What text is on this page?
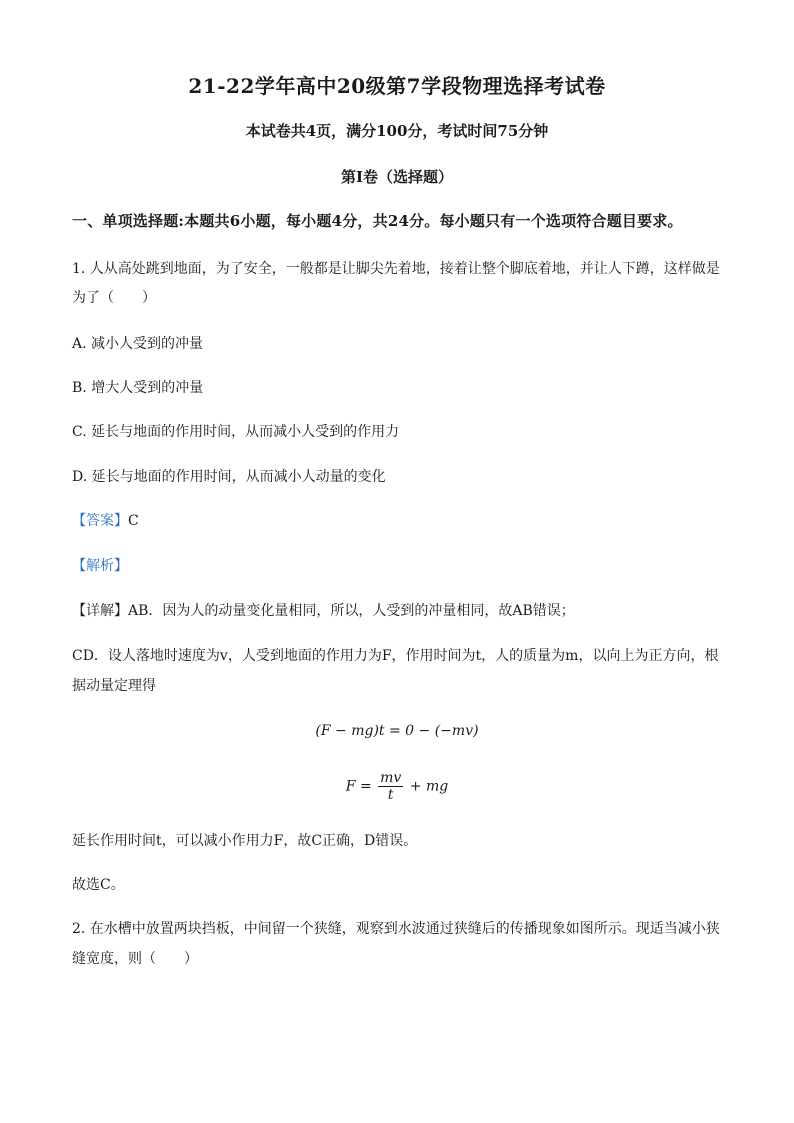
21-22学年高中20级第7学段物理选择考试卷
本试卷共4页，满分100分，考试时间75分钟
第Ⅰ卷（选择题）
一、单项选择题:本题共6小题，每小题4分，共24分。每小题只有一个选项符合题目要求。
1. 人从高处跳到地面，为了安全，一般都是让脚尖先着地，接着让整个脚底着地，并让人下蹲，这样做是
为了（　　）
A. 减小人受到的冲量
B. 增大人受到的冲量
C. 延长与地面的作用时间，从而减小人受到的作用力
D. 延长与地面的作用时间，从而减小人动量的变化
【答案】C
【解析】
【详解】AB．因为人的动量变化量相同，所以，人受到的冲量相同，故AB错误；
CD．设人落地时速度为v，人受到地面的作用力为F，作用时间为t，人的质量为m，以向上为正方向，根
据动量定理得
(F − mg)t = 0 − (−mv)
$F = \frac{mv}{t}$ + mg
延长作用时间t，可以减小作用力F，故C正确，D错误。
故选C。
2. 在水槽中放置两块挡板，中间留一个狭缝，观察到水波通过狭缝后的传播现象如图所示。现适当减小狭
缝宽度，则（　　）
